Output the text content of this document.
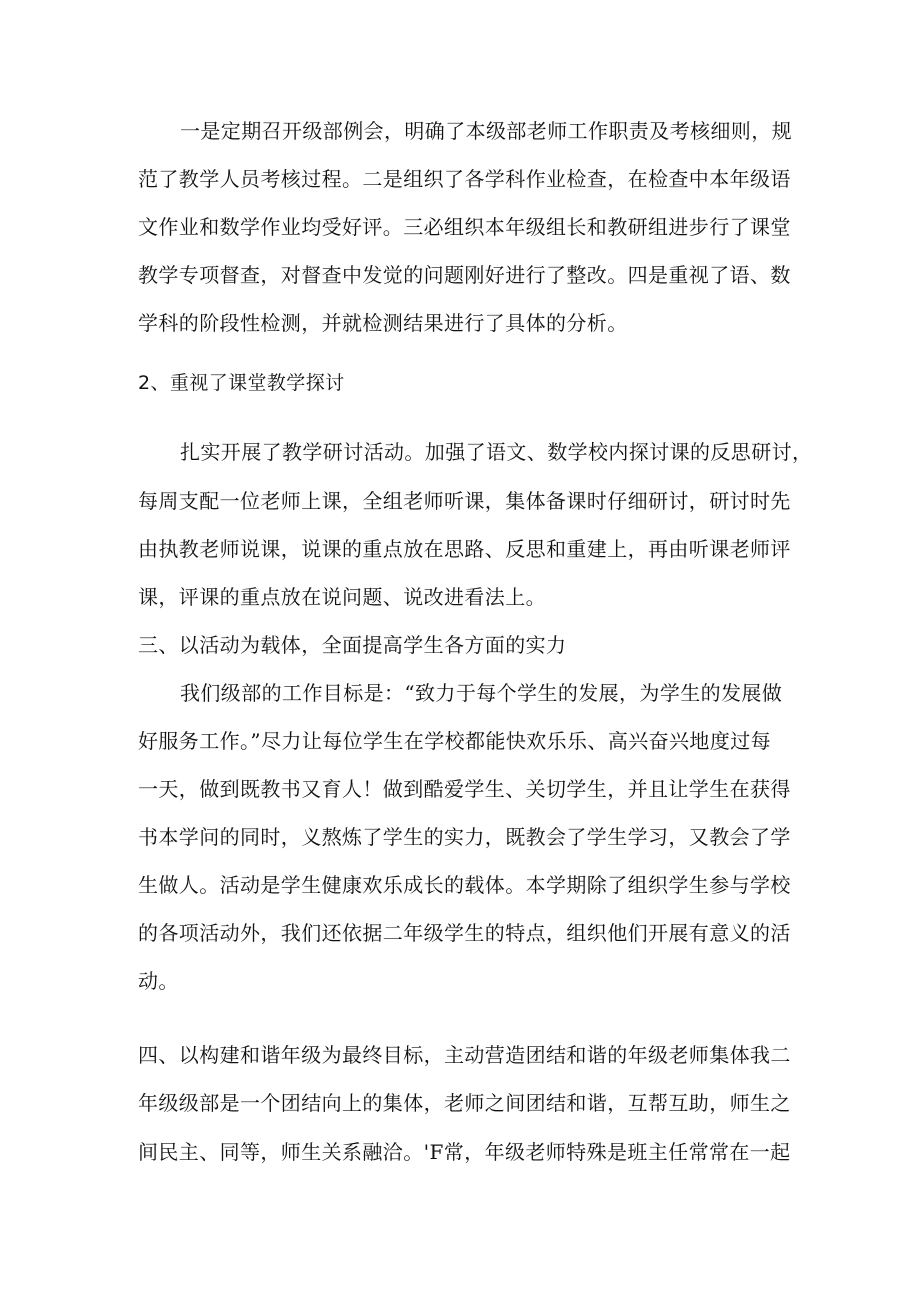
一是定期召开级部例会，明确了本级部老师工作职责及考核细则，规
范了教学人员考核过程。二是组织了各学科作业检查，在检查中本年级语
文作业和数学作业均受好评。三必组织本年级组长和教研组进步行了课堂
教学专项督查，对督查中发觉的问题刚好进行了整改。四是重视了语、数
学科的阶段性检测，并就检测结果进行了具体的分析。
2、重视了课堂教学探讨
扎实开展了教学研讨活动。加强了语文、数学校内探讨课的反思研讨，
每周支配一位老师上课，全组老师听课，集体备课时仔细研讨，研讨时先
由执教老师说课，说课的重点放在思路、反思和重建上，再由听课老师评
课，评课的重点放在说问题、说改进看法上。
三、以活动为载体，全面提高学生各方面的实力
我们级部的工作目标是：“致力于每个学生的发展，为学生的发展做
好服务工作。”尽力让每位学生在学校都能快欢乐乐、高兴奋兴地度过每
一天，做到既教书又育人！做到酷爱学生、关切学生，并且让学生在获得
书本学问的同时，义熬炼了学生的实力，既教会了学生学习，又教会了学
生做人。活动是学生健康欢乐成长的载体。本学期除了组织学生参与学校
的各项活动外，我们还依据二年级学生的特点，组织他们开展有意义的活
动。
四、以构建和谐年级为最终目标，主动营造团结和谐的年级老师集体我二
年级级部是一个团结向上的集体，老师之间团结和谐，互帮互助，师生之
间民主、同等，师生关系融洽。'F常，年级老师特殊是班主任常常在一起
